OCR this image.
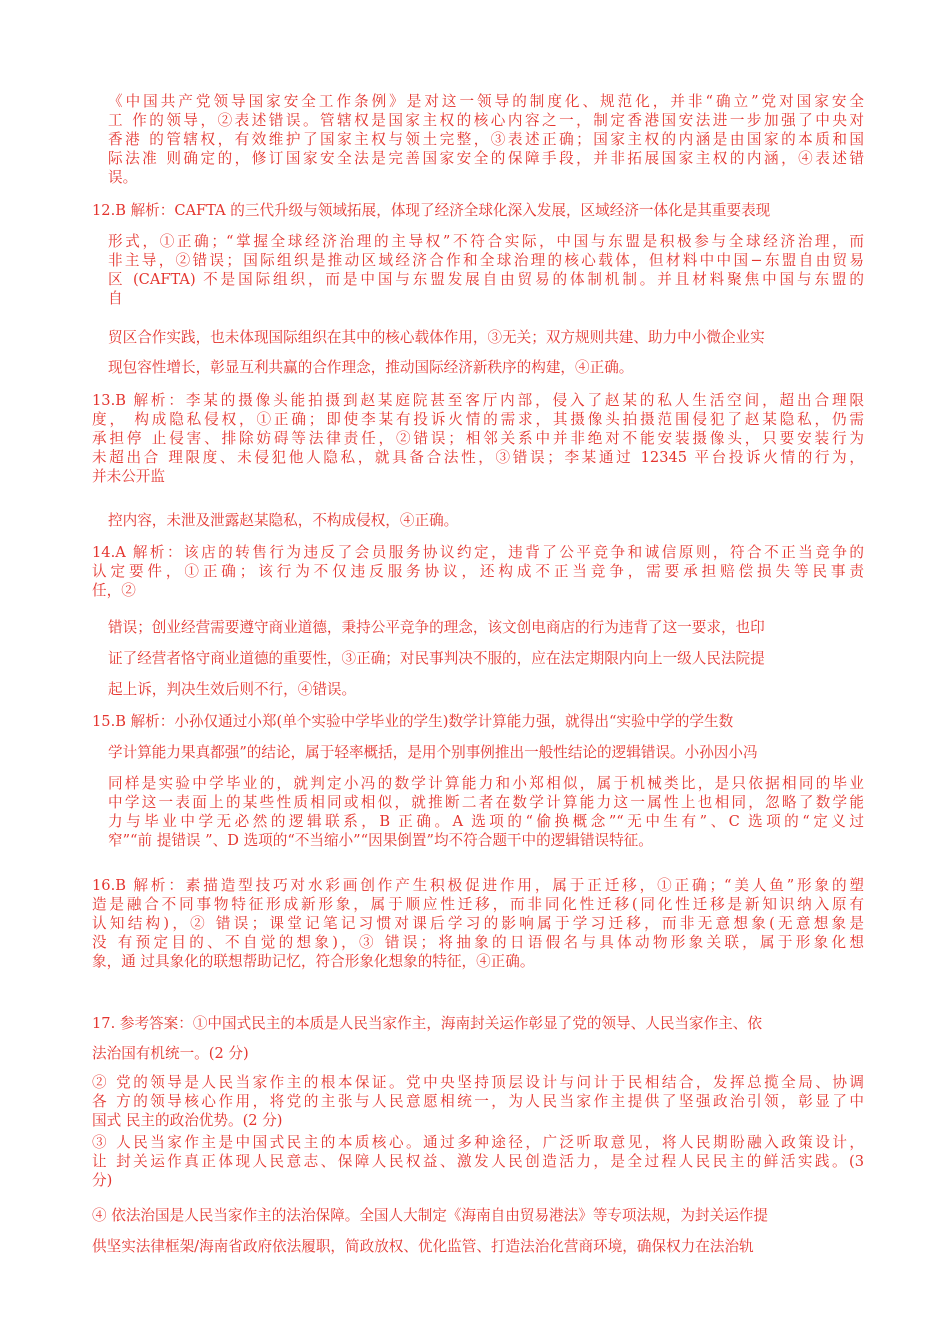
《中国共产党领导国家安全工作条例》是对这一领导的制度化、规范化，并非“确立”党对国家安全
工 作的领导，②表述错误。管辖权是国家主权的核心内容之一，制定香港国安法进一步加强了中央对
香港 的管辖权，有效维护了国家主权与领土完整，③表述正确；国家主权的内涵是由国家的本质和国
际法准 则确定的，修订国家安全法是完善国家安全的保障手段，并非拓展国家主权的内涵，④表述错
误。
12.B 解析：CAFTA 的三代升级与领域拓展，体现了经济全球化深入发展，区域经济一体化是其重要表现
形式，①正确；“掌握全球经济治理的主导权”不符合实际，中国与东盟是积极参与全球经济治理，而
非主导，②错误；国际组织是推动区域经济合作和全球治理的核心载体，但材料中中国−东盟自由贸易
区 (CAFTA) 不是国际组织，而是中国与东盟发展自由贸易的体制机制。并且材料聚焦中国与东盟的
自
贸区合作实践，也未体现国际组织在其中的核心载体作用，③无关；双方规则共建、助力中小微企业实
现包容性增长，彰显互利共赢的合作理念，推动国际经济新秩序的构建，④正确。
13.B 解析：李某的摄像头能拍摄到赵某庭院甚至客厅内部，侵入了赵某的私人生活空间，超出合理限
度， 构成隐私侵权，①正确；即使李某有投诉火情的需求，其摄像头拍摄范围侵犯了赵某隐私，仍需
承担停 止侵害、排除妨碍等法律责任，②错误；相邻关系中并非绝对不能安装摄像头，只要安装行为
未超出合 理限度、未侵犯他人隐私，就具备合法性，③错误；李某通过 12345 平台投诉火情的行为，
并未公开监
控内容，未泄及泄露赵某隐私，不构成侵权，④正确。
14.A 解析：该店的转售行为违反了会员服务协议约定，违背了公平竞争和诚信原则，符合不正当竞争的
认定要件，①正确；该行为不仅违反服务协议，还构成不正当竞争，需要承担赔偿损失等民事责
任，②
错误；创业经营需要遵守商业道德，秉持公平竞争的理念，该文创电商店的行为违背了这一要求，也印
证了经营者恪守商业道德的重要性，③正确；对民事判决不服的，应在法定期限内向上一级人民法院提
起上诉，判决生效后则不行，④错误。
15.B 解析：小孙仅通过小郑(单个实验中学毕业的学生)数学计算能力强，就得出“实验中学的学生数
学计算能力果真都强”的结论，属于轻率概括，是用个别事例推出一般性结论的逻辑错误。小孙因小冯
同样是实验中学毕业的，就判定小冯的数学计算能力和小郑相似，属于机械类比，是只依据相同的毕业
中学这一表面上的某些性质相同或相似，就推断二者在数学计算能力这一属性上也相同，忽略了数学能
力与毕业中学无必然的逻辑联系，B 正确。A 选项的“偷换概念”“无中生有”、C 选项的“定义过
窄”“前 提错误 ”、D 选项的“不当缩小”“因果倒置”均不符合题干中的逻辑错误特征。
16.B 解析：素描造型技巧对水彩画创作产生积极促进作用，属于正迁移，①正确；“美人鱼”形象的塑
造是融合不同事物特征形成新形象，属于顺应性迁移，而非同化性迁移(同化性迁移是新知识纳入原有
认知结构)，② 错误；课堂记笔记习惯对课后学习的影响属于学习迁移，而非无意想象(无意想象是
没 有预定目的、不自觉的想象)，③ 错误；将抽象的日语假名与具体动物形象关联，属于形象化想
象，通 过具象化的联想帮助记忆，符合形象化想象的特征，④正确。
17. 参考答案：①中国式民主的本质是人民当家作主，海南封关运作彰显了党的领导、人民当家作主、依
法治国有机统一。(2 分)
② 党的领导是人民当家作主的根本保证。党中央坚持顶层设计与问计于民相结合，发挥总揽全局、协调
各 方的领导核心作用，将党的主张与人民意愿相统一，为人民当家作主提供了坚强政治引领，彰显了中
国式 民主的政治优势。(2 分)
③ 人民当家作主是中国式民主的本质核心。通过多种途径，广泛听取意见，将人民期盼融入政策设计，
让 封关运作真正体现人民意志、保障人民权益、激发人民创造活力，是全过程人民民主的鲜活实践。(3
分)
④ 依法治国是人民当家作主的法治保障。全国人大制定《海南自由贸易港法》等专项法规，为封关运作提
供坚实法律框架/海南省政府依法履职，简政放权、优化监管、打造法治化营商环境，确保权力在法治轨
